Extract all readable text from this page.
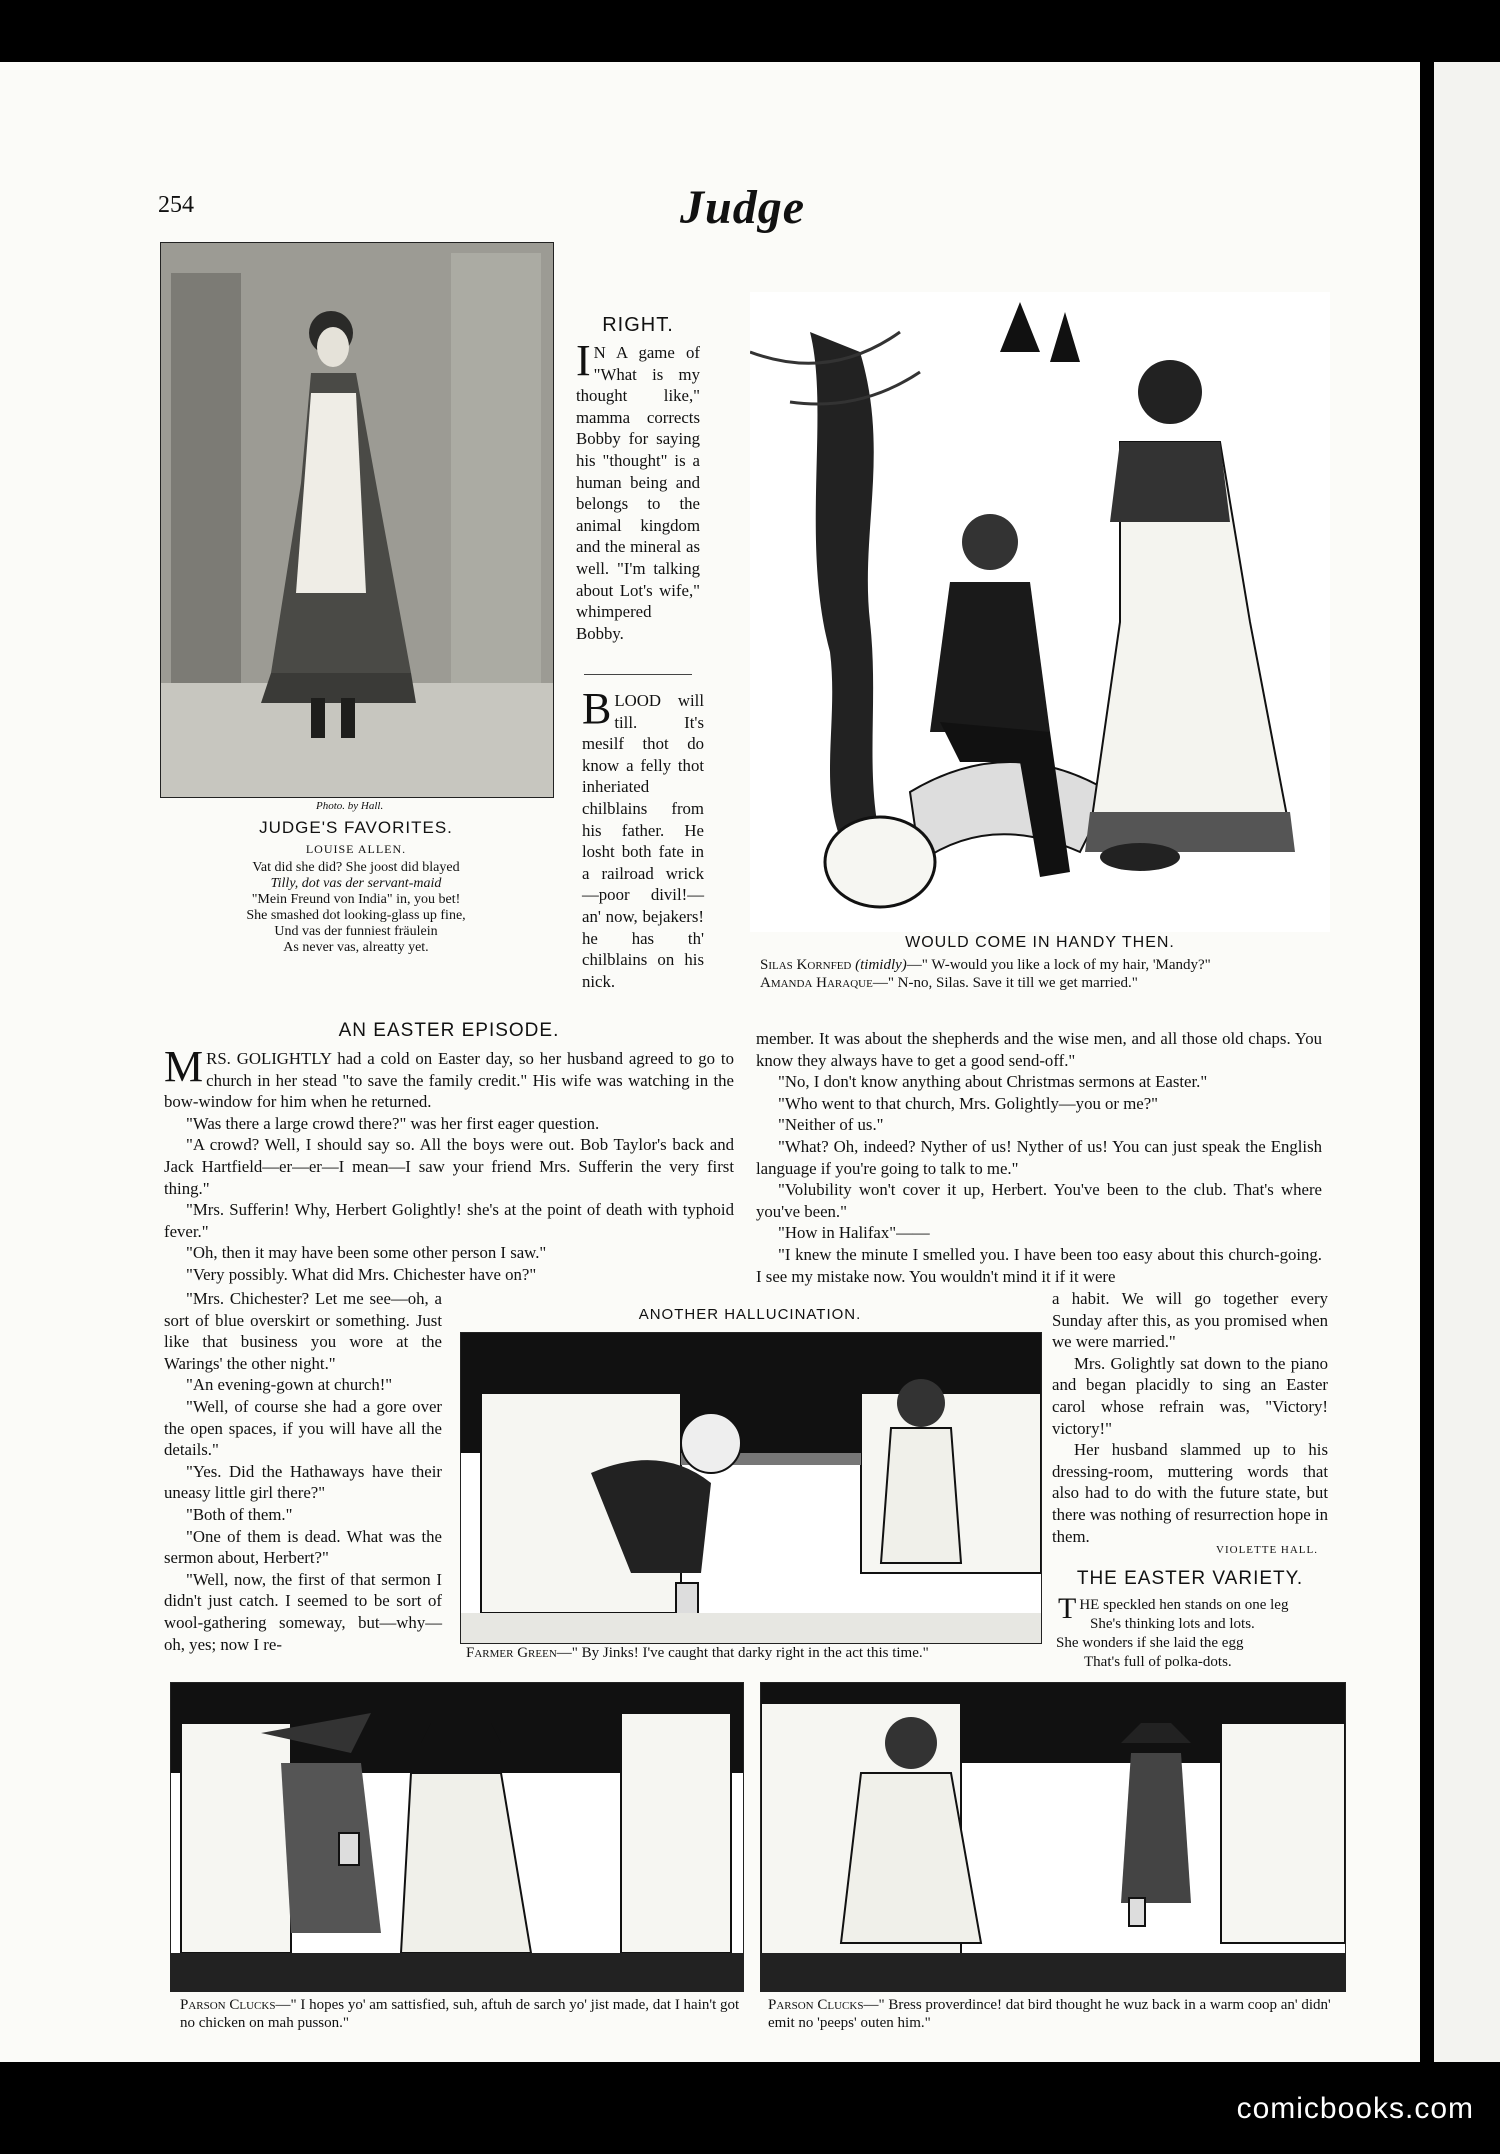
254	Judge
Photo. by Hall.
JUDGE'S FAVORITES.
LOUISE ALLEN.
Vat did she did? She joost did blayed
Tilly, dot vas der servant-maid
"Mein Freund von India" in, you bet!
She smashed dot looking-glass up fine,
Und vas der funniest fräulein
As never vas, alreatty yet.
RIGHT.

I N A game of "What is my thought like," mamma corrects Bobby for saying his "thought" is a human being and belongs to the animal kingdom and the mineral as well. "I'm talking about Lot's wife," whimpered Bobby.

BLOOD will till. It's mesilf thot do know a felly thot inheriated chilblains from his father. He losht both fate in a railroad wrick—poor divil!—an' now, bejakers! he has th' chilblains on his nick.

WOULD COME IN HANDY THEN.
Silas Kornfed (timidly)—" W-would you like a lock of my hair, 'Mandy?"
Amanda Haraque—" N-no, Silas. Save it till we get married."
AN EASTER EPISODE.

MRS. GOLIGHTLY had a cold on Easter day, so her husband agreed to go to church in her stead "to save the family credit." His wife was watching in the bow-window for him when he returned.

"Was there a large crowd there?" was her first eager question.

"A crowd? Well, I should say so. All the boys were out. Bob Taylor's back and Jack Hartfield—er—er—I mean—I saw your friend Mrs. Sufferin the very first thing."

"Mrs. Sufferin! Why, Herbert Golightly! she's at the point of death with typhoid fever."

"Oh, then it may have been some other person I saw."

"Very possibly. What did Mrs. Chichester have on?"

"Mrs. Chichester? Let me see—oh, a sort of blue overskirt or something. Just like that business you wore at the Warings' the other night."

"An evening-gown at church!"

"Well, of course she had a gore over the open spaces, if you will have all the details."

"Yes. Did the Hathaways have their uneasy little girl there?"

"Both of them."

"One of them is dead. What was the sermon about, Herbert?"

"Well, now, the first of that sermon I didn't just catch. I seemed to be sort of wool-gathering someway, but—why—oh, yes; now I re-

member. It was about the shepherds and the wise men, and all those old chaps. You know they always have to get a good send-off."

"No, I don't know anything about Christmas sermons at Easter."

"Who went to that church, Mrs. Golightly—you or me?"

"Neither of us."

"What? Oh, indeed? Nyther of us! Nyther of us! You can just speak the English language if you're going to talk to me."

"Volubility won't cover it up, Herbert. You've been to the club. That's where you've been."

"How in Halifax"——

"I knew the minute I smelled you. I have been too easy about this church-going. I see my mistake now. You wouldn't mind it if it were

a habit. We will go together every Sunday after this, as you promised when we were married."

Mrs. Golightly sat down to the piano and began placidly to sing an Easter carol whose refrain was, "Victory! victory!"

Her husband slammed up to his dressing-room, muttering words that also had to do with the future state, but there was nothing of resurrection hope in them.

VIOLETTE HALL.
THE EASTER VARIETY.
THE speckled hen stands on one leg
She's thinking lots and lots.
She wonders if she laid the egg
That's full of polka-dots.
ANOTHER HALLUCINATION.
Farmer Green—" By Jinks! I've caught that darky right in the act this time."
Parson Clucks—" I hopes yo' am sattisfied, suh, aftuh de sarch yo' jist made, dat I hain't got no chicken on mah pusson."
Parson Clucks—" Bress proverdince! dat bird thought he wuz back in a warm coop an' didn' emit no 'peeps' outen him."
comicbooks.com
